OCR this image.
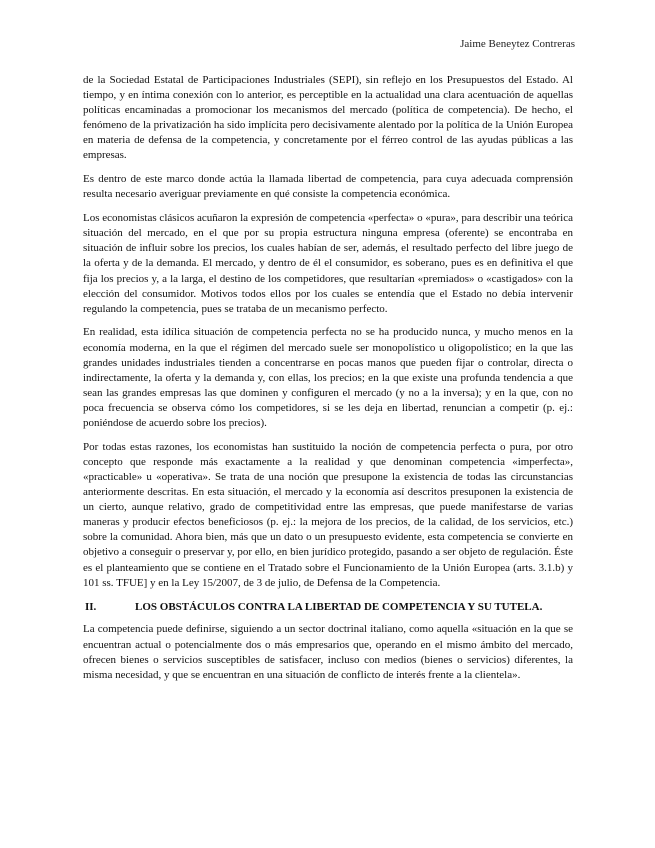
Jaime Beneytez Contreras

de la Sociedad Estatal de Participaciones Industriales (SEPI), sin reflejo en los Presupuestos del Estado. Al tiempo, y en íntima conexión con lo anterior, es perceptible en la actualidad una clara acentuación de aquellas políticas encaminadas a promocionar los mecanismos del mercado (política de competencia). De hecho, el fenómeno de la privatización ha sido implícita pero decisivamente alentado por la política de la Unión Europea en materia de defensa de la competencia, y concretamente por el férreo control de las ayudas públicas a las empresas.

Es dentro de este marco donde actúa la llamada libertad de competencia, para cuya adecuada comprensión resulta necesario averiguar previamente en qué consiste la competencia económica.

Los economistas clásicos acuñaron la expresión de competencia «perfecta» o «pura», para describir una teórica situación del mercado, en el que por su propia estructura ninguna empresa (oferente) se encontraba en situación de influir sobre los precios, los cuales habían de ser, además, el resultado perfecto del libre juego de la oferta y de la demanda. El mercado, y dentro de él el consumidor, es soberano, pues es en definitiva el que fija los precios y, a la larga, el destino de los competidores, que resultarían «premiados» o «castigados» con la elección del consumidor. Motivos todos ellos por los cuales se entendía que el Estado no debía intervenir regulando la competencia, pues se trataba de un mecanismo perfecto.

En realidad, esta idílica situación de competencia perfecta no se ha producido nunca, y mucho menos en la economía moderna, en la que el régimen del mercado suele ser monopolístico u oligopolístico; en la que las grandes unidades industriales tienden a concentrarse en pocas manos que pueden fijar o controlar, directa o indirectamente, la oferta y la demanda y, con ellas, los precios; en la que existe una profunda tendencia a que sean las grandes empresas las que dominen y configuren el mercado (y no a la inversa); y en la que, con no poca frecuencia se observa cómo los competidores, si se les deja en libertad, renuncian a competir (p. ej.: poniéndose de acuerdo sobre los precios).

Por todas estas razones, los economistas han sustituido la noción de competencia perfecta o pura, por otro concepto que responde más exactamente a la realidad y que denominan competencia «imperfecta», «practicable» u «operativa». Se trata de una noción que presupone la existencia de todas las circunstancias anteriormente descritas. En esta situación, el mercado y la economía así descritos presuponen la existencia de un cierto, aunque relativo, grado de competitividad entre las empresas, que puede manifestarse de varias maneras y producir efectos beneficiosos (p. ej.: la mejora de los precios, de la calidad, de los servicios, etc.) sobre la comunidad. Ahora bien, más que un dato o un presupuesto evidente, esta competencia se convierte en objetivo a conseguir o preservar y, por ello, en bien jurídico protegido, pasando a ser objeto de regulación. Éste es el planteamiento que se contiene en el Tratado sobre el Funcionamiento de la Unión Europea (arts. 3.1.b) y 101 ss. TFUE] y en la Ley 15/2007, de 3 de julio, de Defensa de la Competencia.

II.	LOS OBSTÁCULOS CONTRA LA LIBERTAD DE COMPETENCIA Y SU TUTELA.

La competencia puede definirse, siguiendo a un sector doctrinal italiano, como aquella «situación en la que se encuentran actual o potencialmente dos o más empresarios que, operando en el mismo ámbito del mercado, ofrecen bienes o servicios susceptibles de satisfacer, incluso con medios (bienes o servicios) diferentes, la misma necesidad, y que se encuentran en una situación de conflicto de interés frente a la clientela».
